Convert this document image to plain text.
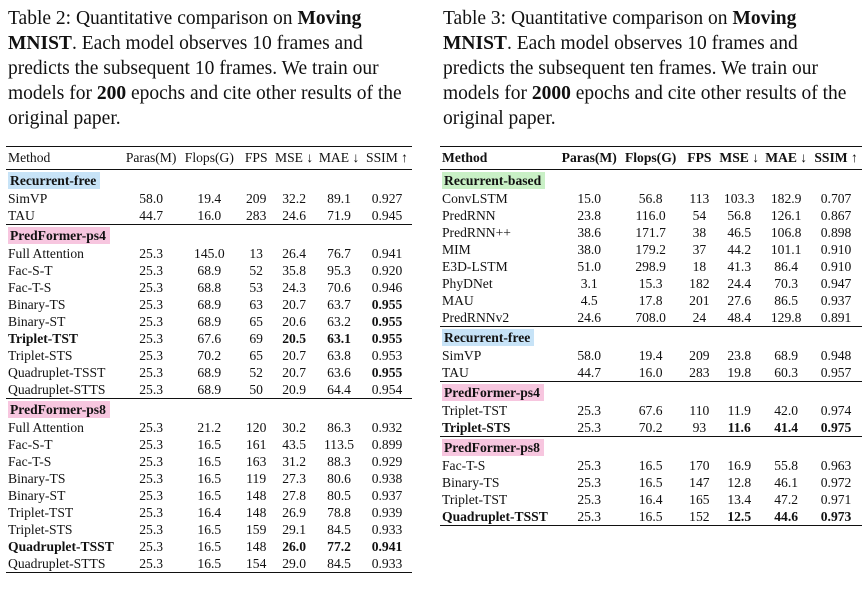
Table 2: Quantitative comparison on Moving MNIST. Each model observes 10 frames and predicts the subsequent 10 frames. We train our models for 200 epochs and cite other results of the original paper.
Table 3: Quantitative comparison on Moving MNIST. Each model observes 10 frames and predicts the subsequent ten frames. We train our models for 2000 epochs and cite other results of the original paper.
Method	Paras(M)	Flops(G)	FPS	MSE ↓	MAE ↓	SSIM ↑
Recurrent-free						
SimVP	58.0	19.4	209	32.2	89.1	0.927
TAU	44.7	16.0	283	24.6	71.9	0.945
PredFormer-ps4						
Full Attention	25.3	145.0	13	26.4	76.7	0.941
Fac-S-T	25.3	68.9	52	35.8	95.3	0.920
Fac-T-S	25.3	68.8	53	24.3	70.6	0.946
Binary-TS	25.3	68.9	63	20.7	63.7	0.955
Binary-ST	25.3	68.9	65	20.6	63.2	0.955
Triplet-TST	25.3	67.6	69	20.5	63.1	0.955
Triplet-STS	25.3	70.2	65	20.7	63.8	0.953
Quadruplet-TSST	25.3	68.9	52	20.7	63.6	0.955
Quadruplet-STTS	25.3	68.9	50	20.9	64.4	0.954
PredFormer-ps8						
Full Attention	25.3	21.2	120	30.2	86.3	0.932
Fac-S-T	25.3	16.5	161	43.5	113.5	0.899
Fac-T-S	25.3	16.5	163	31.2	88.3	0.929
Binary-TS	25.3	16.5	119	27.3	80.6	0.938
Binary-ST	25.3	16.5	148	27.8	80.5	0.937
Triplet-TST	25.3	16.4	148	26.9	78.8	0.939
Triplet-STS	25.3	16.5	159	29.1	84.5	0.933
Quadruplet-TSST	25.3	16.5	148	26.0	77.2	0.941
Quadruplet-STTS	25.3	16.5	154	29.0	84.5	0.933
Method	Paras(M)	Flops(G)	FPS	MSE ↓	MAE ↓	SSIM ↑
Recurrent-based						
ConvLSTM	15.0	56.8	113	103.3	182.9	0.707
PredRNN	23.8	116.0	54	56.8	126.1	0.867
PredRNN++	38.6	171.7	38	46.5	106.8	0.898
MIM	38.0	179.2	37	44.2	101.1	0.910
E3D-LSTM	51.0	298.9	18	41.3	86.4	0.910
PhyDNet	3.1	15.3	182	24.4	70.3	0.947
MAU	4.5	17.8	201	27.6	86.5	0.937
PredRNNv2	24.6	708.0	24	48.4	129.8	0.891
Recurrent-free						
SimVP	58.0	19.4	209	23.8	68.9	0.948
TAU	44.7	16.0	283	19.8	60.3	0.957
PredFormer-ps4						
Triplet-TST	25.3	67.6	110	11.9	42.0	0.974
Triplet-STS	25.3	70.2	93	11.6	41.4	0.975
PredFormer-ps8						
Fac-T-S	25.3	16.5	170	16.9	55.8	0.963
Binary-TS	25.3	16.5	147	12.8	46.1	0.972
Triplet-TST	25.3	16.4	165	13.4	47.2	0.971
Quadruplet-TSST	25.3	16.5	152	12.5	44.6	0.973
